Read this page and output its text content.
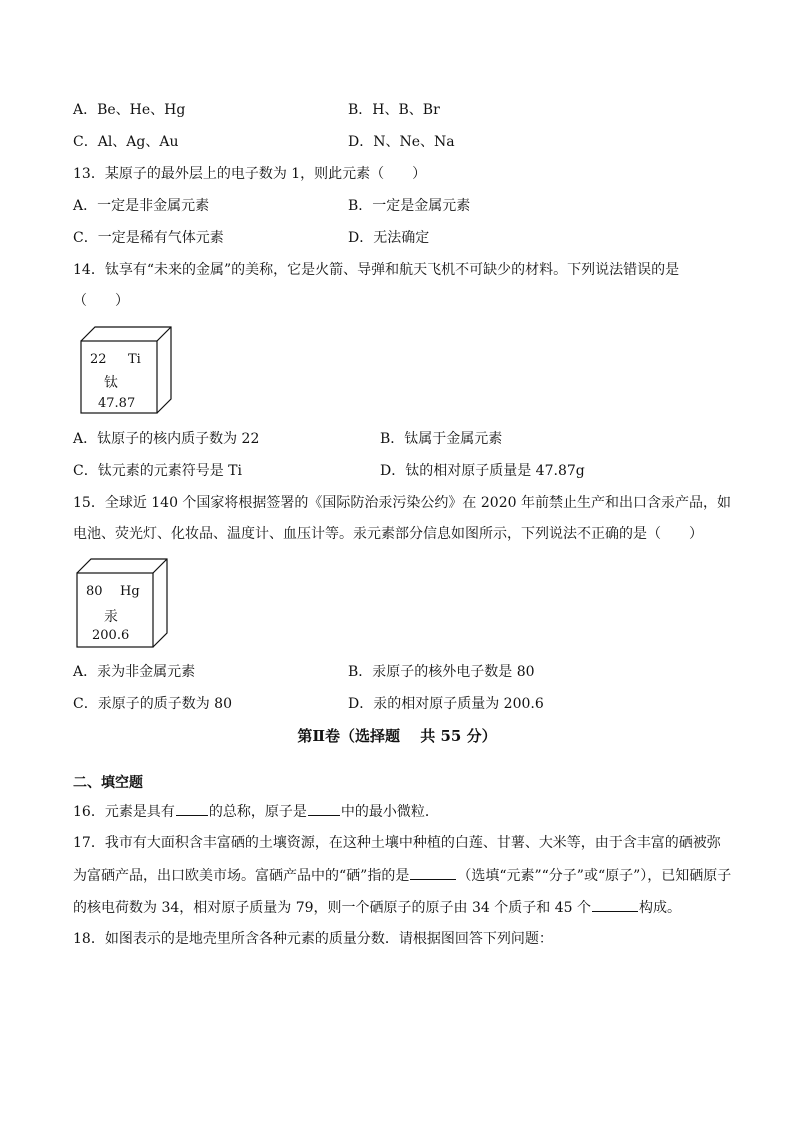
A．Be、He、Hg	B．H、B、Br
C．Al、Ag、Au	D．N、Ne、Na
13．某原子的最外层上的电子数为 1，则此元素（　　）
A．一定是非金属元素	B．一定是金属元素
C．一定是稀有气体元素	D．无法确定
14．钛享有“未来的金属”的美称，它是火箭、导弹和航天飞机不可缺少的材料。下列说法错误的是
（　　）
22 Ti
钛
47.87
A．钛原子的核内质子数为 22	B．钛属于金属元素
C．钛元素的元素符号是 Ti	D．钛的相对原子质量是 47.87g
15．全球近 140 个国家将根据签署的《国际防治汞污染公约》在 2020 年前禁止生产和出口含汞产品，如
电池、荧光灯、化妆品、温度计、血压计等。汞元素部分信息如图所示，下列说法不正确的是（　　）
80 Hg
汞
200.6
A．汞为非金属元素	B．汞原子的核外电子数是 80
C．汞原子的质子数为 80	D．汞的相对原子质量为 200.6
第Ⅱ卷（选择题　 共 55 分）
二、填空题
16．元素是具有 的总称，原子是 中的最小微粒．
17．我市有大面积含丰富硒的土壤资源，在这种土壤中种植的白莲、甘薯、大米等，由于含丰富的硒被弥
为富硒产品，出口欧美市场。富硒产品中的“硒”指的是	（选填“元素”“分子”或“原子”），已知硒原子
的核电荷数为 34，相对原子质量为 79，则一个硒原子的原子由 34 个质子和 45 个	构成。
18．如图表示的是地壳里所含各种元素的质量分数．请根据图回答下列问题：
